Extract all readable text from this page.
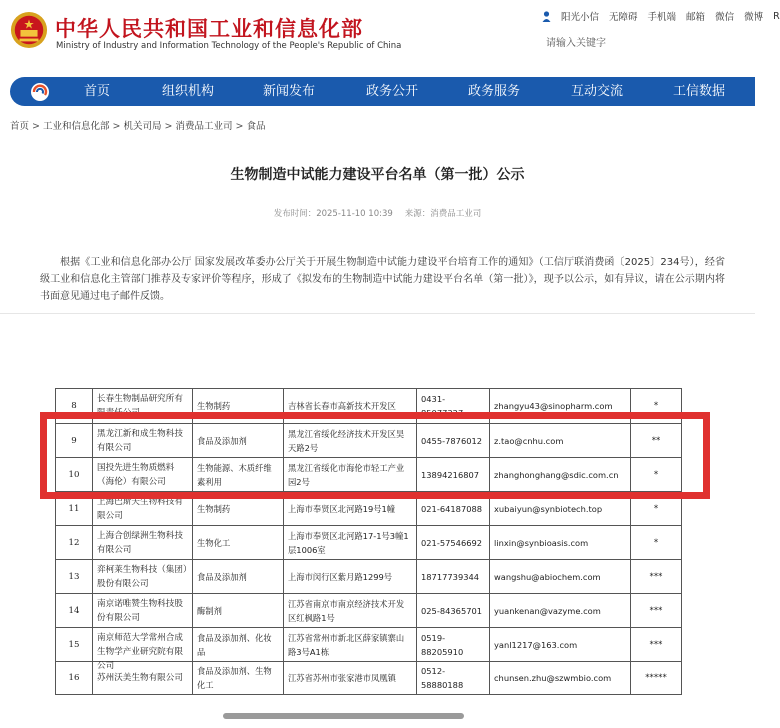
中华人民共和国工业和信息化部
Ministry of Industry and Information Technology of the People's Republic of China
阳光小信 无障碍 手机端 邮箱 微信 微博 R
请输入关键字
首页	组织机构	新闻发布	政务公开	政务服务	互动交流	工信数据
首页 > 工业和信息化部 > 机关司局 > 消费品工业司 > 食品
生物制造中试能力建设平台名单（第一批）公示
发布时间：2025-11-10 10:39 来源：消费品工业司
根据《工业和信息化部办公厅 国家发展改革委办公厅关于开展生物制造中试能力建设平台培育工作的通知》（工信厅联消费函〔2025〕234号），经省级工业和信息化主管部门推荐及专家评价等程序，形成了《拟发布的生物制造中试能力建设平台名单（第一批）》，现予以公示，如有异议，请在公示期内将书面意见通过电子邮件反馈。
8	长春生物制品研究所有限责任公司	生物制药	吉林省长春市高新技术开发区	0431-85077327	zhangyu43@sinopharm.com	*

9	黑龙江新和成生物科技有限公司	食品及添加剂	黑龙江省绥化经济技术开发区昊天路2号	0455-7876012	z.tao@cnhu.com	**

10	国投先进生物质燃料（海伦）有限公司	生物能源、木质纤维素利用	黑龙江省绥化市海伦市轻工产业园2号	13894216807	zhanghonghang@sdic.com.cn	*

11	上海巴斯夫生物科技有限公司	生物制药	上海市奉贤区北河路19号1幢	021-64187088	xubaiyun@synbiotech.top	*

12	上海合创绿洲生物科技有限公司	生物化工	上海市奉贤区北河路17-1号3幢1层1006室	021-57546692	linxin@synbioasis.com	*

13	弈柯莱生物科技（集团）股份有限公司	食品及添加剂	上海市闵行区紫月路1299号	18717739344	wangshu@abiochem.com	***

14	南京诺唯赞生物科技股份有限公司	酶制剂	江苏省南京市南京经济技术开发区红枫路1号	025-84365701	yuankenan@vazyme.com	***

15	南京师范大学常州合成生物学产业研究院有限公司	食品及添加剂、化妆品	江苏省常州市新北区薛家镇寨山路3号A1栋	0519-88205910	yanl1217@163.com	***

16	苏州沃美生物有限公司	食品及添加剂、生物化工	江苏省苏州市张家港市凤凰镇	0512-58880188	chunsen.zhu@szwmbio.com	*****
